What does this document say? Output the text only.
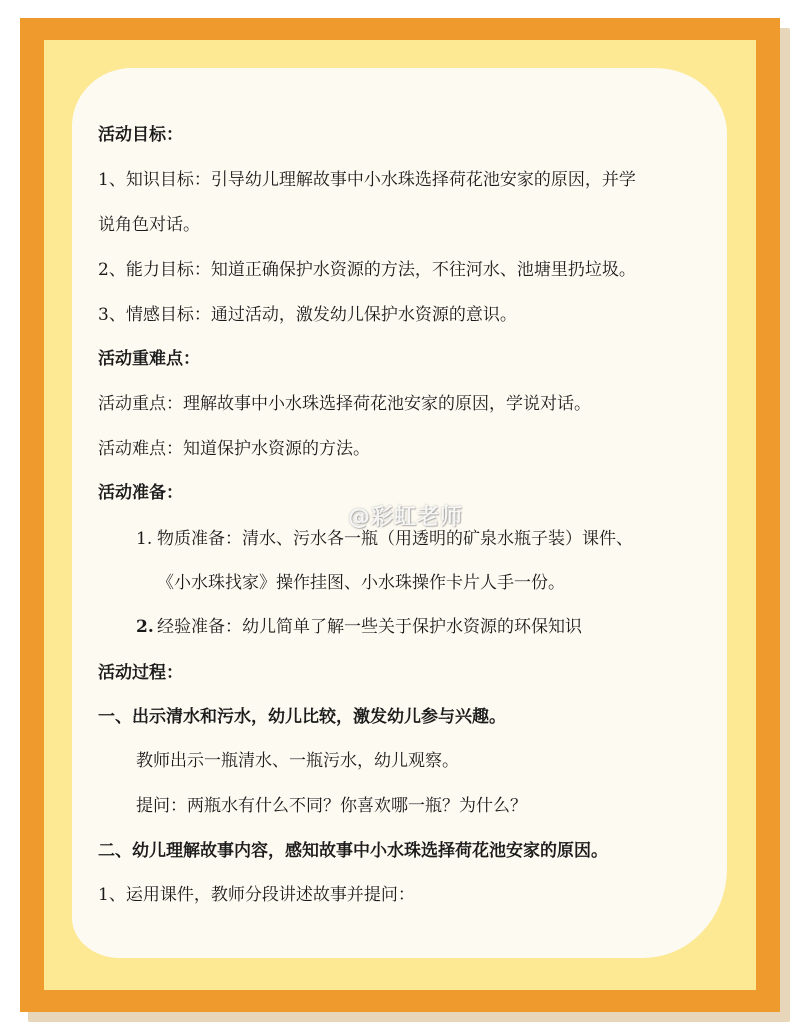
活动目标：
1、知识目标：引导幼儿理解故事中小水珠选择荷花池安家的原因，并学
说角色对话。
2、能力目标：知道正确保护水资源的方法，不往河水、池塘里扔垃圾。
3、情感目标：通过活动，激发幼儿保护水资源的意识。
活动重难点：
活动重点：理解故事中小水珠选择荷花池安家的原因，学说对话。
活动难点：知道保护水资源的方法。
活动准备：
1. 物质准备：清水、污水各一瓶（用透明的矿泉水瓶子装）课件、
《小水珠找家》操作挂图、小水珠操作卡片人手一份。
2. 经验准备：幼儿简单了解一些关于保护水资源的环保知识
活动过程：
一、出示清水和污水，幼儿比较，激发幼儿参与兴趣。
教师出示一瓶清水、一瓶污水，幼儿观察。
提问：两瓶水有什么不同？你喜欢哪一瓶？为什么？
二、幼儿理解故事内容，感知故事中小水珠选择荷花池安家的原因。
1、运用课件，教师分段讲述故事并提问：
@彩虹老师
